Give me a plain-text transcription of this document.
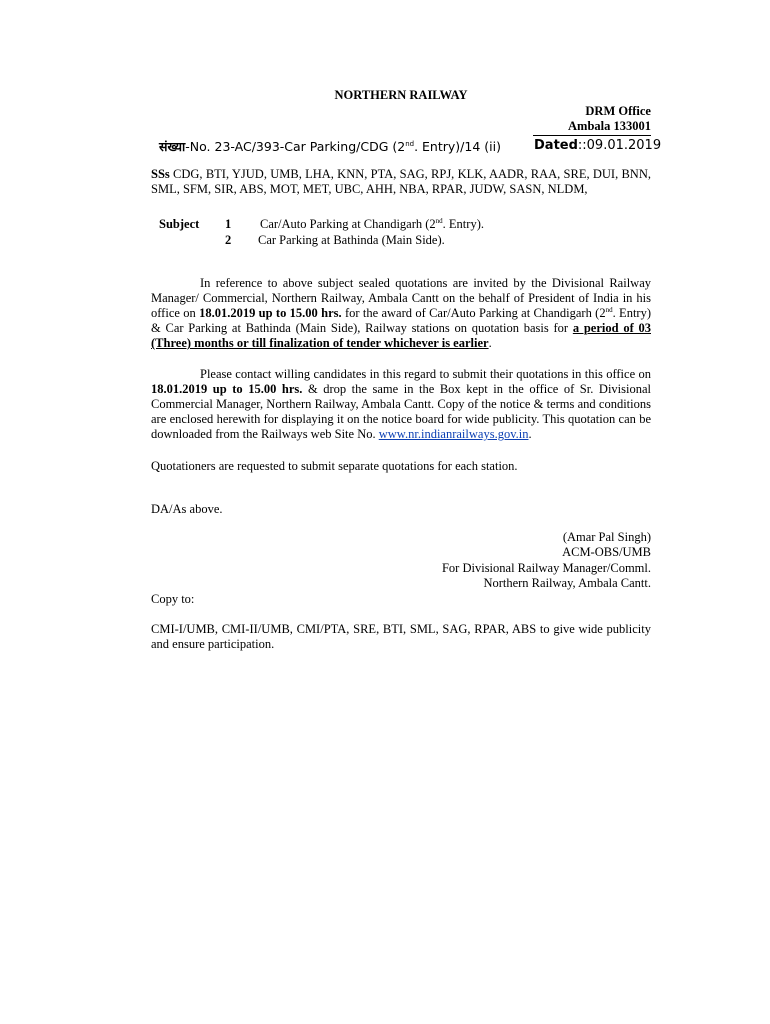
NORTHERN RAILWAY
DRM Office
Ambala 133001
संख्या-No. 23-AC/393-Car Parking/CDG (2nd. Entry)/14 (ii)	Dated::09.01.2019

SSs CDG, BTI, YJUD, UMB, LHA, KNN, PTA, SAG, RPJ, KLK, AADR, RAA, SRE, DUI, BNN, SML, SFM, SIR, ABS, MOT, MET, UBC, AHH, NBA, RPAR, JUDW, SASN, NLDM,

Subject 1 Car/Auto Parking at Chandigarh (2nd. Entry).
2 Car Parking at Bathinda (Main Side).

In reference to above subject sealed quotations are invited by the Divisional Railway Manager/ Commercial, Northern Railway, Ambala Cantt on the behalf of President of India in his office on 18.01.2019 up to 15.00 hrs. for the award of Car/Auto Parking at Chandigarh (2nd. Entry) & Car Parking at Bathinda (Main Side), Railway stations on quotation basis for a period of 03 (Three) months or till finalization of tender whichever is earlier.

Please contact willing candidates in this regard to submit their quotations in this office on 18.01.2019 up to 15.00 hrs. & drop the same in the Box kept in the office of Sr. Divisional Commercial Manager, Northern Railway, Ambala Cantt. Copy of the notice & terms and conditions are enclosed herewith for displaying it on the notice board for wide publicity. This quotation can be downloaded from the Railways web Site No. www.nr.indianrailways.gov.in.

Quotationers are requested to submit separate quotations for each station.
DA/As above.
(Amar Pal Singh)
ACM-OBS/UMB
For Divisional Railway Manager/Comml.
Northern Railway, Ambala Cantt.
Copy to:
CMI-I/UMB, CMI-II/UMB, CMI/PTA, SRE, BTI, SML, SAG, RPAR, ABS to give wide publicity and ensure participation.
